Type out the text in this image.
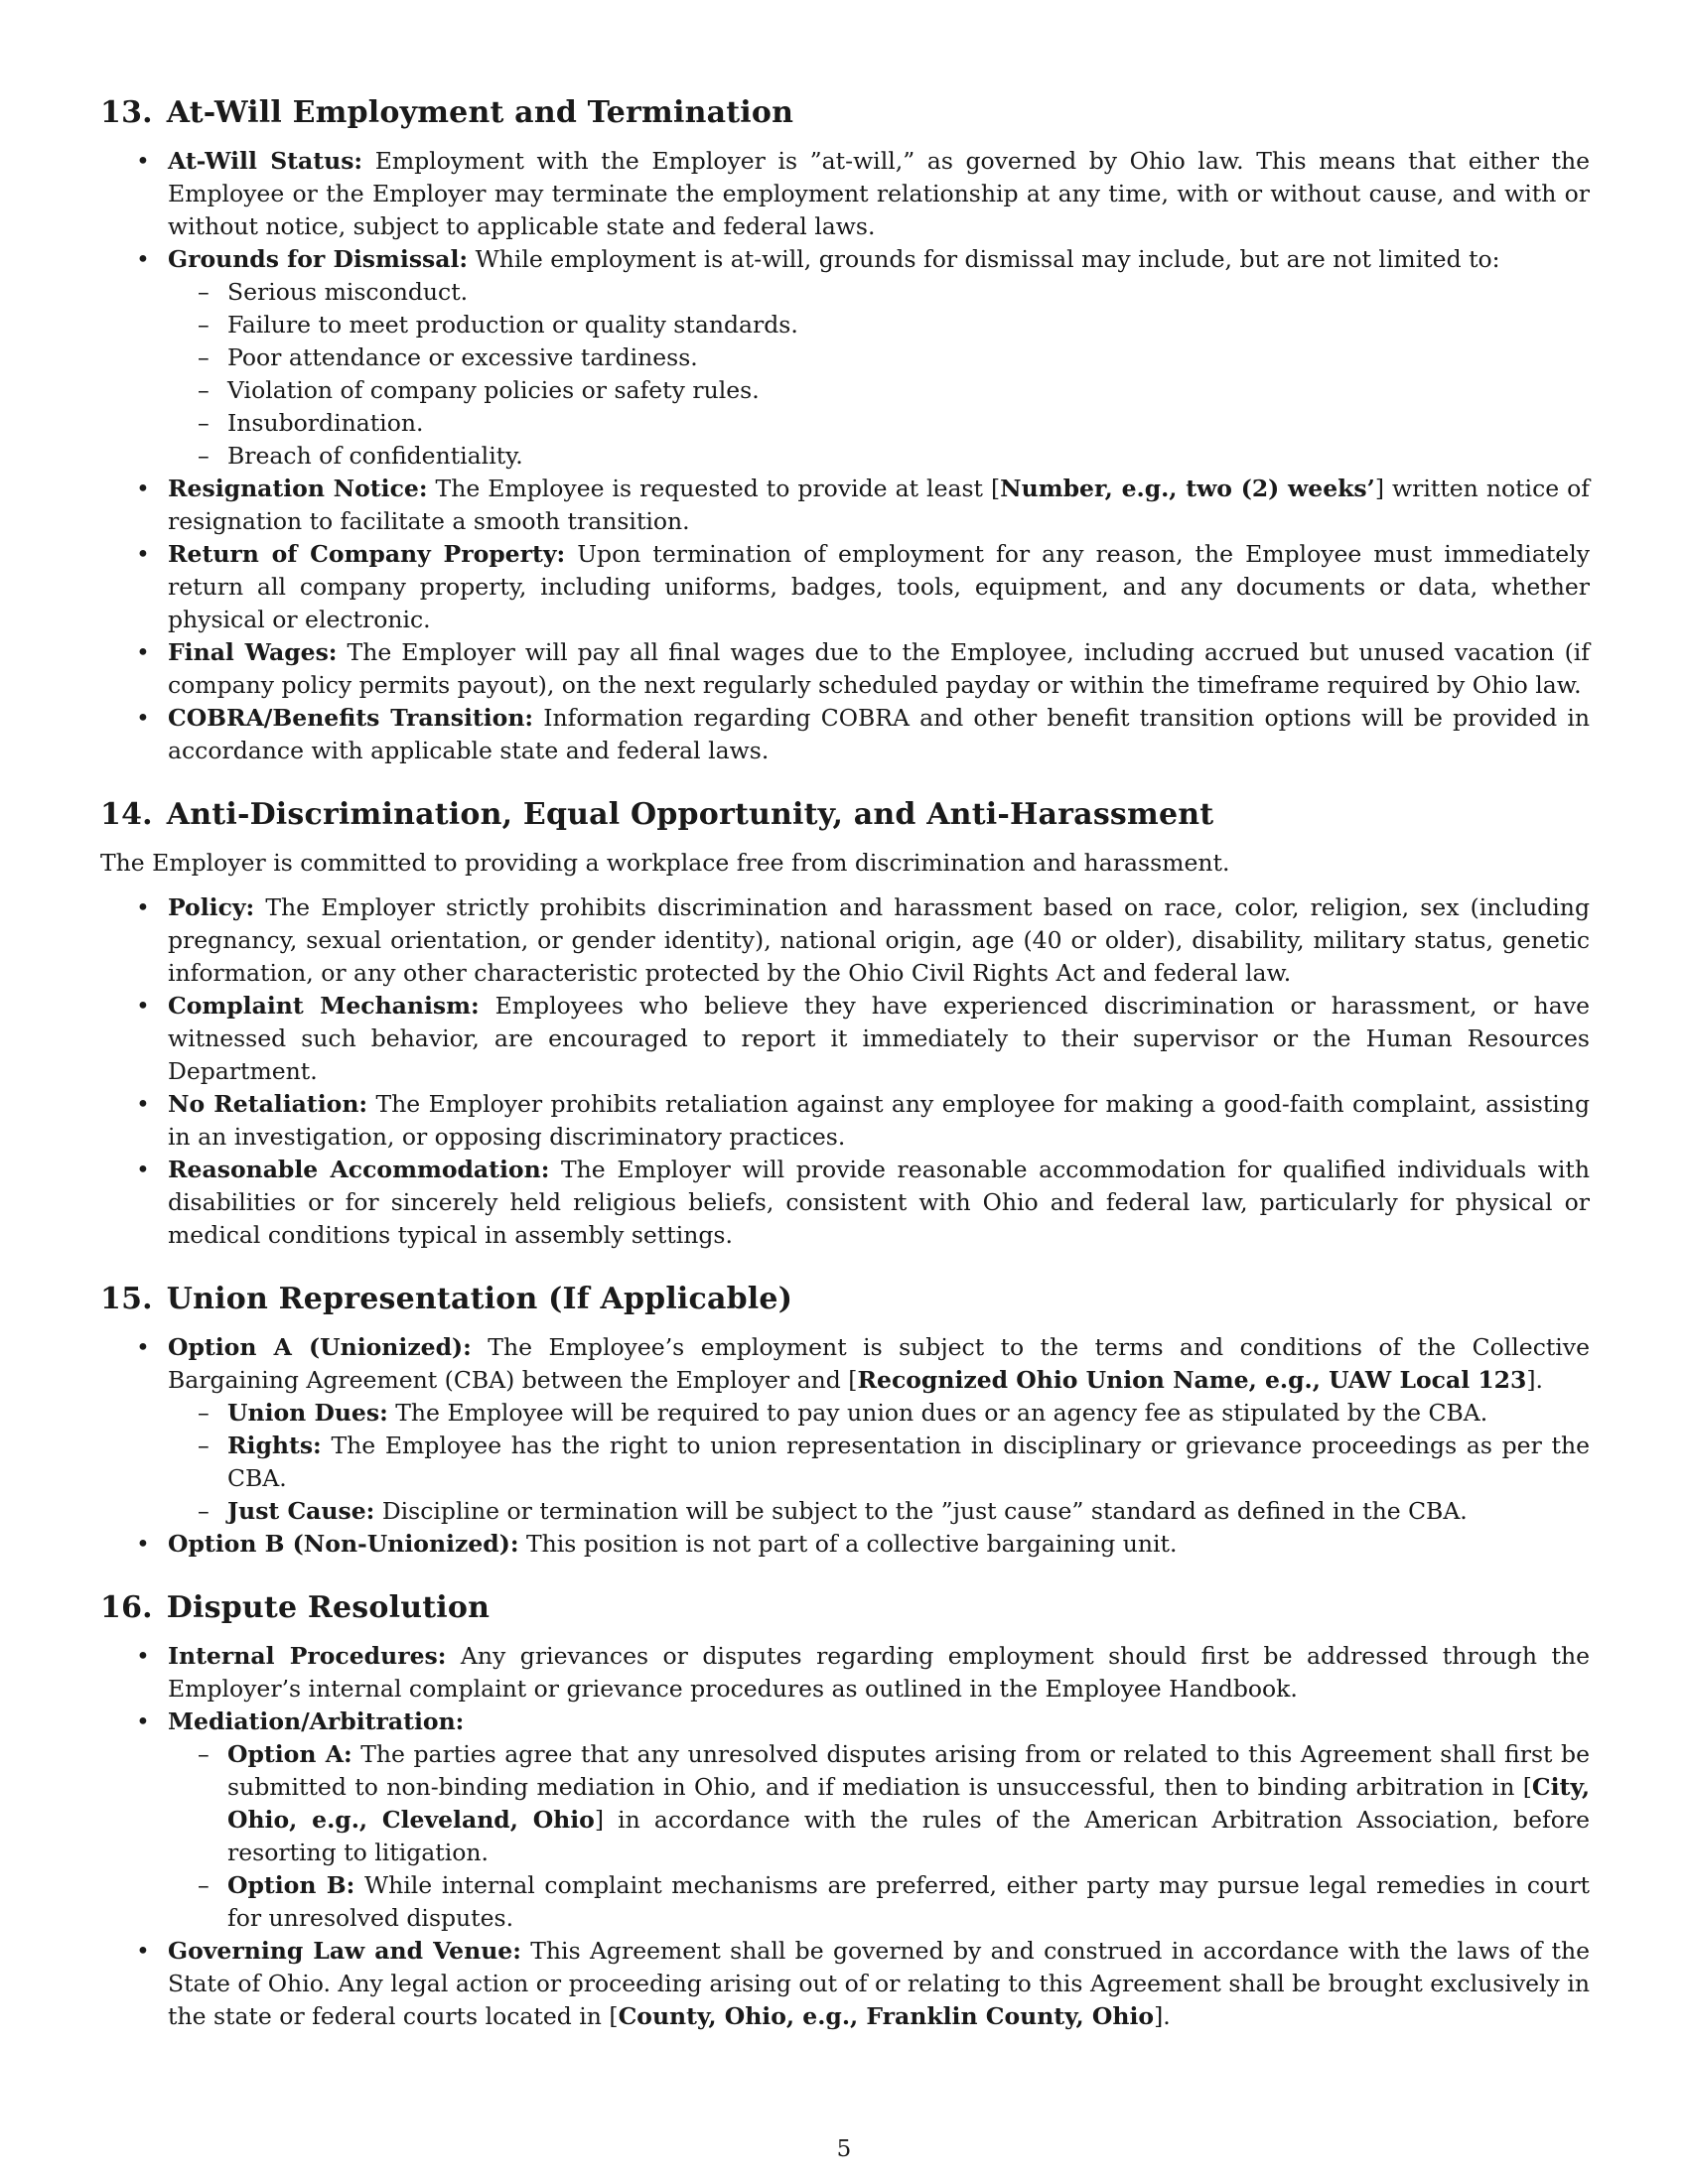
13. At-Will Employment and Termination
• At-Will Status: Employment with the Employer is ”at-will,” as governed by Ohio law. This means that either the Employee or the Employer may terminate the employment relationship at any time, with or without cause, and with or without notice, subject to applicable state and federal laws.
• Grounds for Dismissal: While employment is at-will, grounds for dismissal may include, but are not limited to:
– Serious misconduct.
– Failure to meet production or quality standards.
– Poor attendance or excessive tardiness.
– Violation of company policies or safety rules.
– Insubordination.
– Breach of confidentiality.
• Resignation Notice: The Employee is requested to provide at least [Number, e.g., two (2) weeks’] written notice of resignation to facilitate a smooth transition.
• Return of Company Property: Upon termination of employment for any reason, the Employee must immediately return all company property, including uniforms, badges, tools, equipment, and any documents or data, whether physical or electronic.
• Final Wages: The Employer will pay all final wages due to the Employee, including accrued but unused vacation (if company policy permits payout), on the next regularly scheduled payday or within the timeframe required by Ohio law.
• COBRA/Benefits Transition: Information regarding COBRA and other benefit transition options will be provided in accordance with applicable state and federal laws.
14. Anti-Discrimination, Equal Opportunity, and Anti-Harassment

The Employer is committed to providing a workplace free from discrimination and harassment.

• Policy: The Employer strictly prohibits discrimination and harassment based on race, color, religion, sex (including pregnancy, sexual orientation, or gender identity), national origin, age (40 or older), disability, military status, genetic information, or any other characteristic protected by the Ohio Civil Rights Act and federal law.
• Complaint Mechanism: Employees who believe they have experienced discrimination or harassment, or have witnessed such behavior, are encouraged to report it immediately to their supervisor or the Human Resources Department.
• No Retaliation: The Employer prohibits retaliation against any employee for making a good-faith complaint, assisting in an investigation, or opposing discriminatory practices.
• Reasonable Accommodation: The Employer will provide reasonable accommodation for qualified individuals with disabilities or for sincerely held religious beliefs, consistent with Ohio and federal law, particularly for physical or medical conditions typical in assembly settings.
15. Union Representation (If Applicable)
• Option A (Unionized): The Employee’s employment is subject to the terms and conditions of the Collective Bargaining Agreement (CBA) between the Employer and [Recognized Ohio Union Name, e.g., UAW Local 123].
– Union Dues: The Employee will be required to pay union dues or an agency fee as stipulated by the CBA.
– Rights: The Employee has the right to union representation in disciplinary or grievance proceedings as per the CBA.
– Just Cause: Discipline or termination will be subject to the ”just cause” standard as defined in the CBA.
• Option B (Non-Unionized): This position is not part of a collective bargaining unit.
16. Dispute Resolution
• Internal Procedures: Any grievances or disputes regarding employment should first be addressed through the Employer’s internal complaint or grievance procedures as outlined in the Employee Handbook.
• Mediation/Arbitration:
– Option A: The parties agree that any unresolved disputes arising from or related to this Agreement shall first be submitted to non-binding mediation in Ohio, and if mediation is unsuccessful, then to binding arbitration in [City, Ohio, e.g., Cleveland, Ohio] in accordance with the rules of the American Arbitration Association, before resorting to litigation.
– Option B: While internal complaint mechanisms are preferred, either party may pursue legal remedies in court for unresolved disputes.
• Governing Law and Venue: This Agreement shall be governed by and construed in accordance with the laws of the State of Ohio. Any legal action or proceeding arising out of or relating to this Agreement shall be brought exclusively in the state or federal courts located in [County, Ohio, e.g., Franklin County, Ohio].
5
